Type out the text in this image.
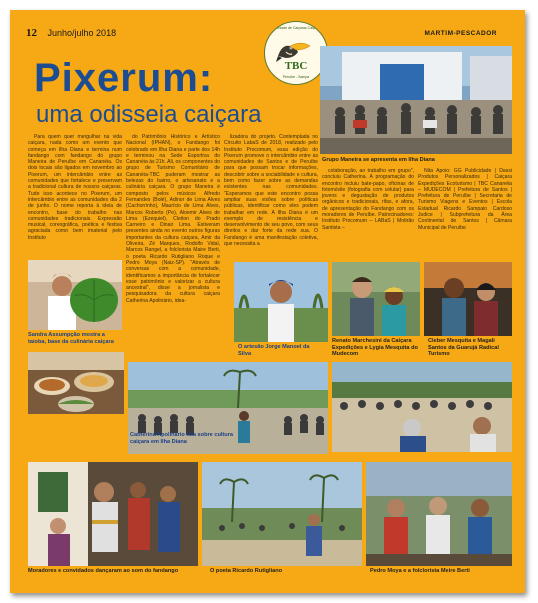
12 Junho/julho 2018	MARTIM-PESCADOR
Sociedade de Caiçaras Caiçaras
TBC
Peruíbe - Sampa
Pixerum:
uma odisseia caiçara
Grupo Maneira se apresenta em Ilha Diana

Para quem quer mergulhar na vida caiçara, nada como um evento que começa em Ilha Diana e termina num fandango com fandango do grupo Maneira de Peruíbe em Cananéia. Os dois locais são ligados em novembro ao Pixerum, um intercâmbio entre as comunidades que fortalece e preservam a tradicional cultura de nossos caiçaras. Tudo isso acontece no Pixerum, um intercâmbio entre as comunidades dia 2 de junho. O nome reporta à ideia de encontro, base do trabalho nas comunidades tradicionais. Expressão musical, coreográfica, poética e festiva agraciada como bem imaterial pelo Instituto

do Patrimônio Histórico e Artístico Nacional (IPHAN), o Fandango foi celebrado em Ilha Diana e parte dos 14h e terminou na Sede Esportiva do Cananéia às 21h. Ali, os componentes do grupo de Turismo Comunitário de Cananéia-TBC puderam mostrar as belezas do bairro, o artesanato e a culinária caiçara. O grupo Maneira é composto pelos músicos Alfredo Fernandes (Bolé), Adinor de Lima Alves (Cachorrinho), Maurício de Lima Alves, Marcos Roberto (Pe), Aloemir Alves de Lima (Ezequiel), Cleiton do Prado Carneiro e Dinair Lima. Estiveram presentes ainda no evento outros figuras importantes da cultura caiçara, Amir da Oliveira, Zé Marques, Rodolfo Vidal, Marcos Rangel, a folclorista Maire Berti, o poeta Ricardo Rutigliano Roque e Pedro Moya (Naiz-SP). "Através de conversas com a comunidade, identificamos a importância de fortalecer esse patrimônio e valorizar a cultura ancestral", disse a jornalista e pesquisadora da cultura caiçara Catherina Apolinário, idea-

lizadora do projeto. Contemplada no Circuito LabaS de 2018, realizado pelo Instituto Procomum, essa edição do Pixerum promove o intercâmbio entre as comunidades de Santos e de Peruíbe para que possam trocar informações, descobrir sobre a sociabilidade e cultura, bem como fazer sobre as demandas existentes nas comunidades. "Esperamos que este encontro possa ampliar suas visões sobre políticas públicas, identificar como eles podem trabalhar em rede. A Ilha Diana é um exemplo de resistência e desenvolvimento de seu povo, com seus direitos e dar forte da rede sua. O Fandango é uma manifestação coletiva, que necessita a

colaboração, ao trabalho em grupo", concluiu Catherina. A programação do encontro incluiu bate-papo, oficinas de fotomóvile (fotografia com celular) para jovens e degustação de produtos orgânicos e tradicionais, rifas, e afora, de apresentação do Fandango com os moradores de Peruíbe. Patrocinadores: Instituto Procomum – LABaS | Motirão Santista –

Nita Apoio: GG Publicidade | Dassi Produtos Personalizados | Caiçara Expedições Ecoturismo | TBC Cananéia – MUDECOM | Prefeitura de Santos | Prefeitura de Peruíbe | Secretaria de Turismo Viagens e Eventos | Escola Estadual Ricardo Sampaio Cardoso Judice | Subprefeitura da Área Continental de Santos | Câmara Municipal de Peruíbe

Sandra Assumpção mostra a taioba, base da culinária caiçara
O artesão Jorge Manoel da Silva
Renato Marchesini da Caiçara Expedições e Lygia Mesquita do Mudecom
Cleber Mesquita e Magali Santos da Guarujá Radical Turismo
Catherina Apolinário fala sobre cultura caiçara em Ilha Diana
Moradores e convidados dançaram ao som do fandango	O poeta Ricardo Rutigliano	Pedro Moya e a folclorista Meire Berti
